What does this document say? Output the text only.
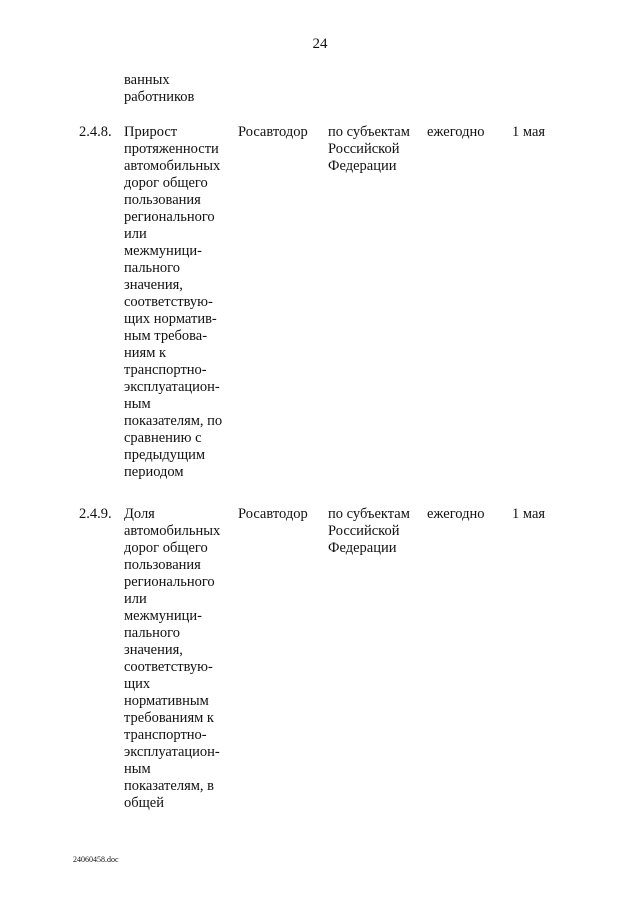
24
ванных
работников
2.4.8. Прирост
протяженности
автомобильных
дорог общего
пользования
регионального
или
межмуници-
пального
значения,
соответствую-
щих норматив-
ным требова-
ниям к
транспортно-
эксплуатацион-
ным
показателям, по
сравнению с
предыдущим
периодом
Росавтодор по субъектам
Российской
Федерации
ежегодно 1 мая
2.4.9. Доля
автомобильных
дорог общего
пользования
регионального
или
межмуници-
пального
значения,
соответствую-
щих
нормативным
требованиям к
транспортно-
эксплуатацион-
ным
показателям, в
общей
Росавтодор по субъектам
Российской
Федерации
ежегодно 1 мая
24060458.doc
